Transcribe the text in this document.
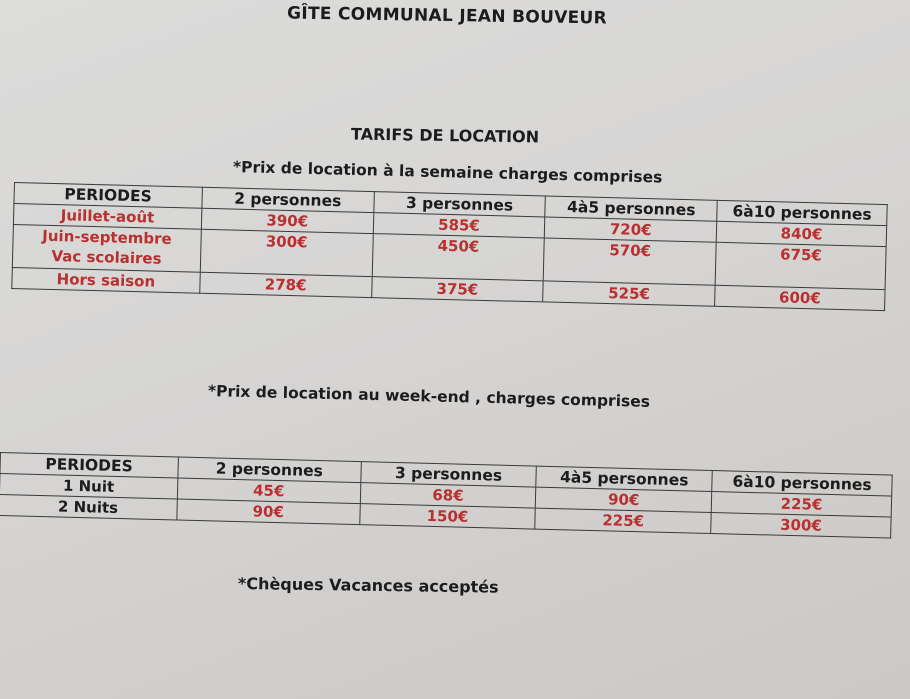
GÎTE COMMUNAL JEAN BOUVEUR
TARIFS DE LOCATION
*Prix de location à la semaine charges comprises
PERIODES	2 personnes	3 personnes	4à5 personnes	6à10 personnes
Juillet-août	390€	585€	720€	840€

Juin-septembre
Vac scolaires	300€	450€	570€	675€
Hors saison	278€	375€	525€	600€
*Prix de location au week-end , charges comprises
PERIODES	2 personnes	3 personnes	4à5 personnes	6à10 personnes
1 Nuit	45€	68€	90€	225€
2 Nuits	90€	150€	225€	300€
*Chèques Vacances acceptés
